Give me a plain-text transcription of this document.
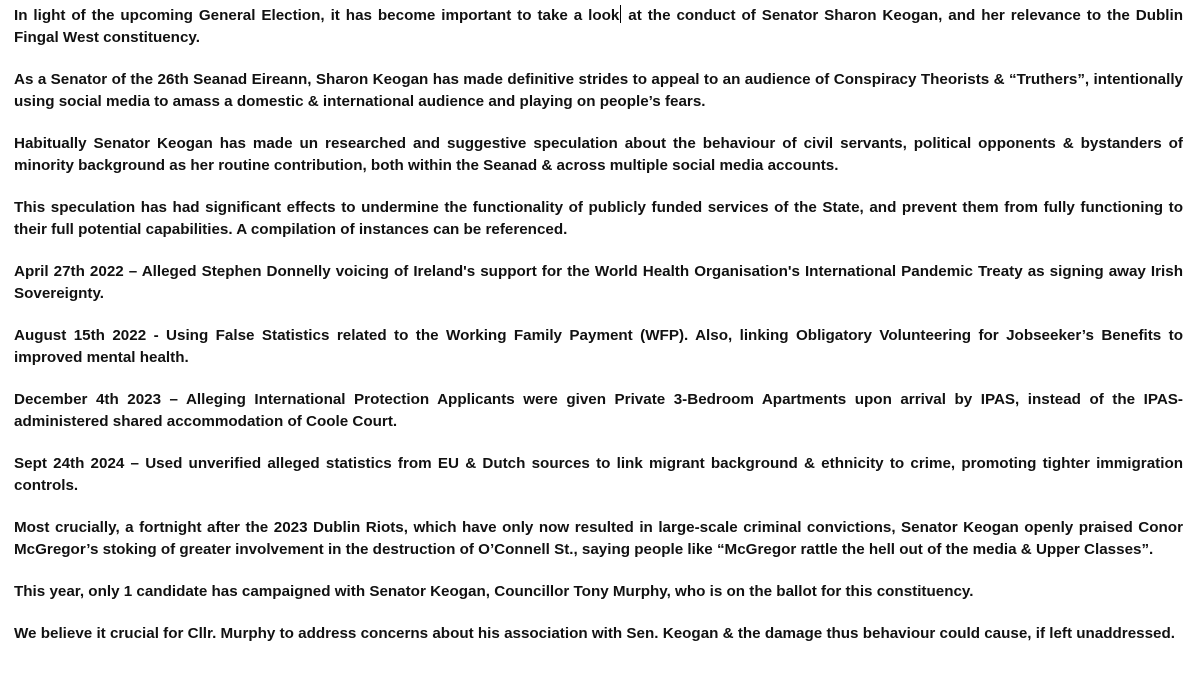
In light of the upcoming General Election, it has become important to take a look at the conduct of Senator Sharon Keogan, and her relevance to the Dublin Fingal West constituency.

As a Senator of the 26th Seanad Eireann, Sharon Keogan has made definitive strides to appeal to an audience of Conspiracy Theorists & “Truthers”, intentionally using social media to amass a domestic & international audience and playing on people’s fears.

Habitually Senator Keogan has made un researched and suggestive speculation about the behaviour of civil servants, political opponents & bystanders of minority background as her routine contribution, both within the Seanad & across multiple social media accounts.

This speculation has had significant effects to undermine the functionality of publicly funded services of the State, and prevent them from fully functioning to their full potential capabilities. A compilation of instances can be referenced.

April 27th 2022 – Alleged Stephen Donnelly voicing of Ireland's support for the World Health Organisation's International Pandemic Treaty as signing away Irish Sovereignty.

August 15th 2022 - Using False Statistics related to the Working Family Payment (WFP). Also, linking Obligatory Volunteering for Jobseeker’s Benefits to improved mental health.

December 4th 2023 – Alleging International Protection Applicants were given Private 3-Bedroom Apartments upon arrival by IPAS, instead of the IPAS-administered shared accommodation of Coole Court.

Sept 24th 2024 – Used unverified alleged statistics from EU & Dutch sources to link migrant background & ethnicity to crime, promoting tighter immigration controls.

Most crucially, a fortnight after the 2023 Dublin Riots, which have only now resulted in large-scale criminal convictions, Senator Keogan openly praised Conor McGregor’s stoking of greater involvement in the destruction of O’Connell St., saying people like “McGregor rattle the hell out of the media & Upper Classes”.

This year, only 1 candidate has campaigned with Senator Keogan, Councillor Tony Murphy, who is on the ballot for this constituency.

We believe it crucial for Cllr. Murphy to address concerns about his association with Sen. Keogan & the damage thus behaviour could cause, if left unaddressed.
